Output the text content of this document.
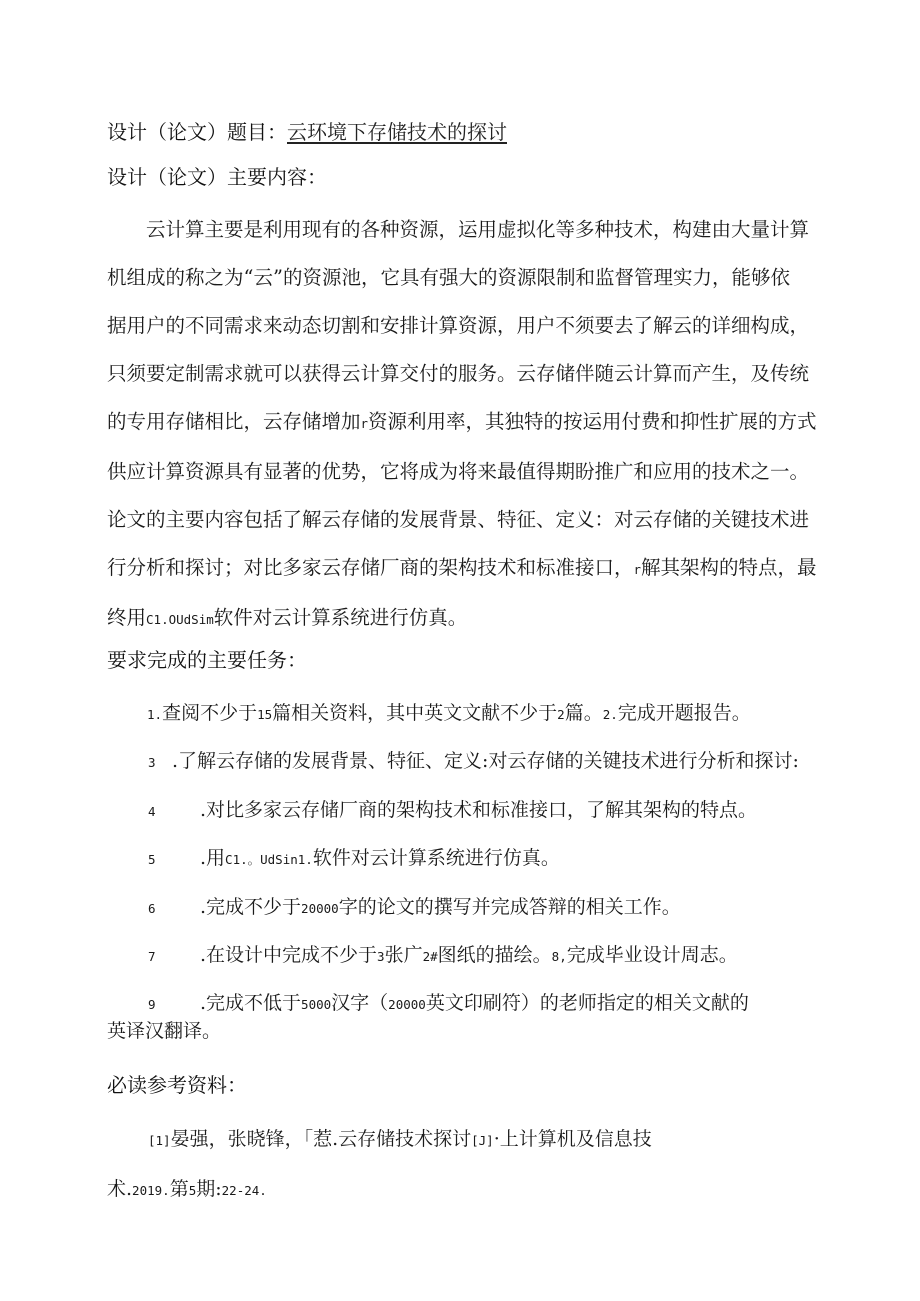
设计（论文）题目：云环境下存储技术的探讨
设计（论文）主要内容：
云计算主要是利用现有的各种资源，运用虚拟化等多种技术，构建由大量计算
机组成的称之为“云”的资源池，它具有强大的资源限制和监督管理实力，能够依
据用户的不同需求来动态切割和安排计算资源，用户不须要去了解云的详细构成，
只须要定制需求就可以获得云计算交付的服务。云存储伴随云计算而产生，及传统
的专用存储相比，云存储增加r资源利用率，其独特的按运用付费和抑性扩展的方式
供应计算资源具有显著的优势，它将成为将来最值得期盼推广和应用的技术之一。
论文的主要内容包括了解云存储的发展背景、特征、定义：对云存储的关键技术进
行分析和探讨；对比多家云存储厂商的架构技术和标准接口，r解其架构的特点，最
终用C1.OUdSim软件对云计算系统进行仿真。
要求完成的主要任务：
1.查阅不少于15篇相关资料，其中英文文献不少于2篇。2.完成开题报告。
3 .了解云存储的发展背景、特征、定义:对云存储的关键技术进行分析和探讨:
4 .对比多家云存储厂商的架构技术和标准接口，了解其架构的特点。
5 .用C1.。UdSin1.软件对云计算系统进行仿真。
6 .完成不少于20000字的论文的撰写并完成答辩的相关工作。
7 .在设计中完成不少于3张广2#图纸的描绘。8,完成毕业设计周志。
9 .完成不低于5000汉字（20000英文印刷符）的老师指定的相关文献的
英译汉翻译。
必读参考资料：
[1]晏强，张晓锋，「惹.云存储技术探讨[J]·上计算机及信息技
术.2019.第5期:22-24.
